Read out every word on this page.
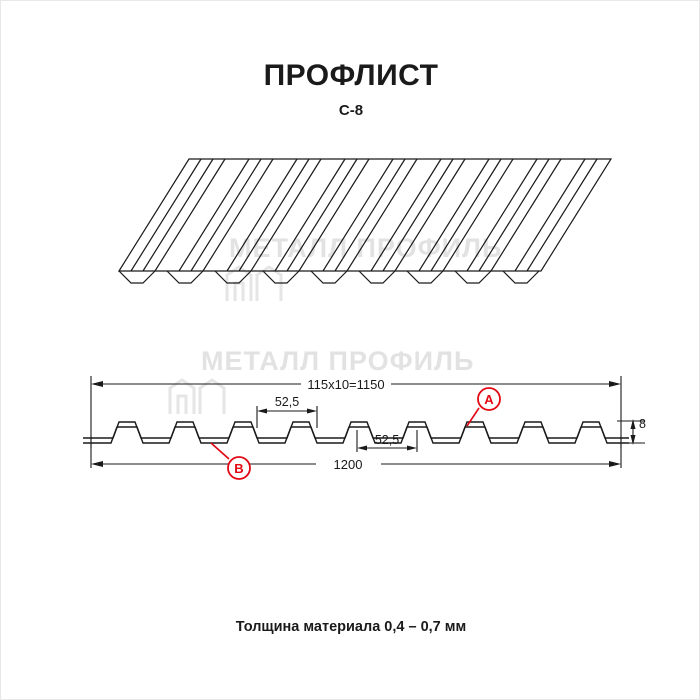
ПРОФЛИСТ
С-8
МЕТАЛЛ ПРОФИЛЬ
МЕТАЛЛ ПРОФИЛЬ
A
B
115х10=1150
1200
52,5
52,5
8
Толщина материала 0,4 – 0,7 мм
